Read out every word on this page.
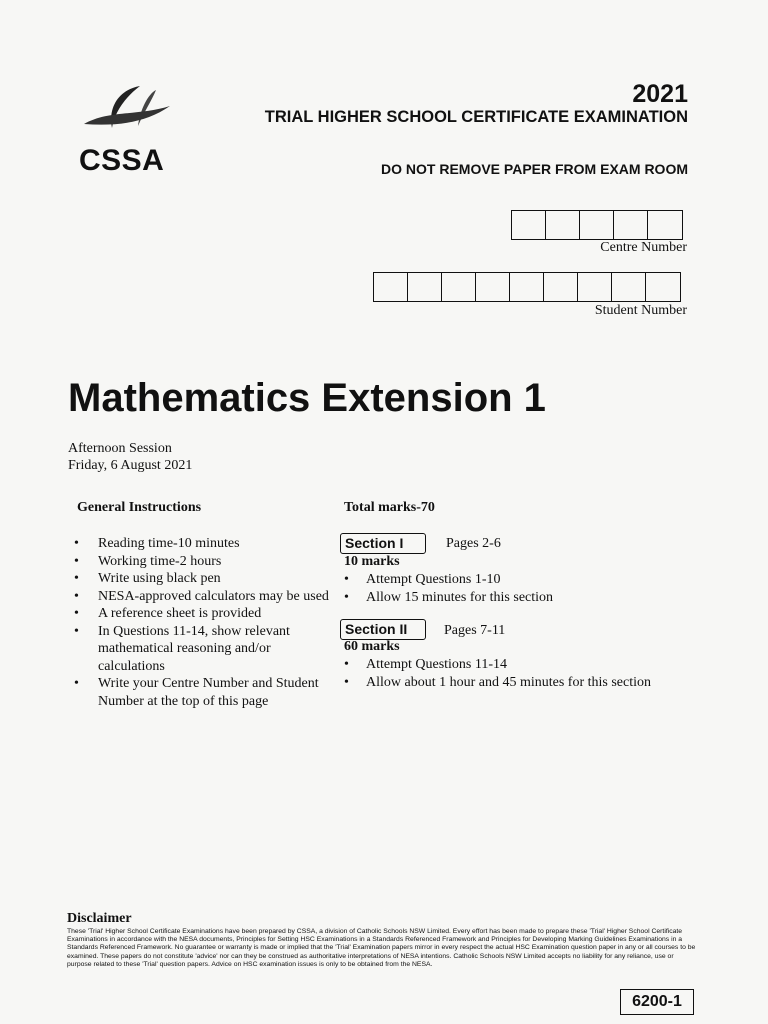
CSSA
2021
TRIAL HIGHER SCHOOL CERTIFICATE EXAMINATION
DO NOT REMOVE PAPER FROM EXAM ROOM
Centre Number
Student Number
Mathematics Extension 1
Afternoon Session
Friday, 6 August 2021
General Instructions
• Reading time-10 minutes
• Working time-2 hours
• Write using black pen
• NESA-approved calculators may be used
• A reference sheet is provided
• In Questions 11-14, show relevant mathematical reasoning and/or calculations
• Write your Centre Number and Student Number at the top of this page
Total marks-70
Section I	Pages 2-6
10 marks
• Attempt Questions 1-10
• Allow 15 minutes for this section
Section II	Pages 7-11
60 marks
• Attempt Questions 11-14
• Allow about 1 hour and 45 minutes for this section
Disclaimer
These 'Trial' Higher School Certificate Examinations have been prepared by CSSA, a division of Catholic Schools NSW Limited. Every effort has been made to prepare these 'Trial' Higher School Certificate Examinations in accordance with the NESA documents, Principles for Setting HSC Examinations in a Standards Referenced Framework and Principles for Developing Marking Guidelines Examinations in a Standards Referenced Framework. No guarantee or warranty is made or implied that the 'Trial' Examination papers mirror in every respect the actual HSC Examination question paper in any or all courses to be examined. These papers do not constitute 'advice' nor can they be construed as authoritative interpretations of NESA intentions. Catholic Schools NSW Limited accepts no liability for any reliance, use or purpose related to these 'Trial' question papers. Advice on HSC examination issues is only to be obtained from the NESA.
6200-1
